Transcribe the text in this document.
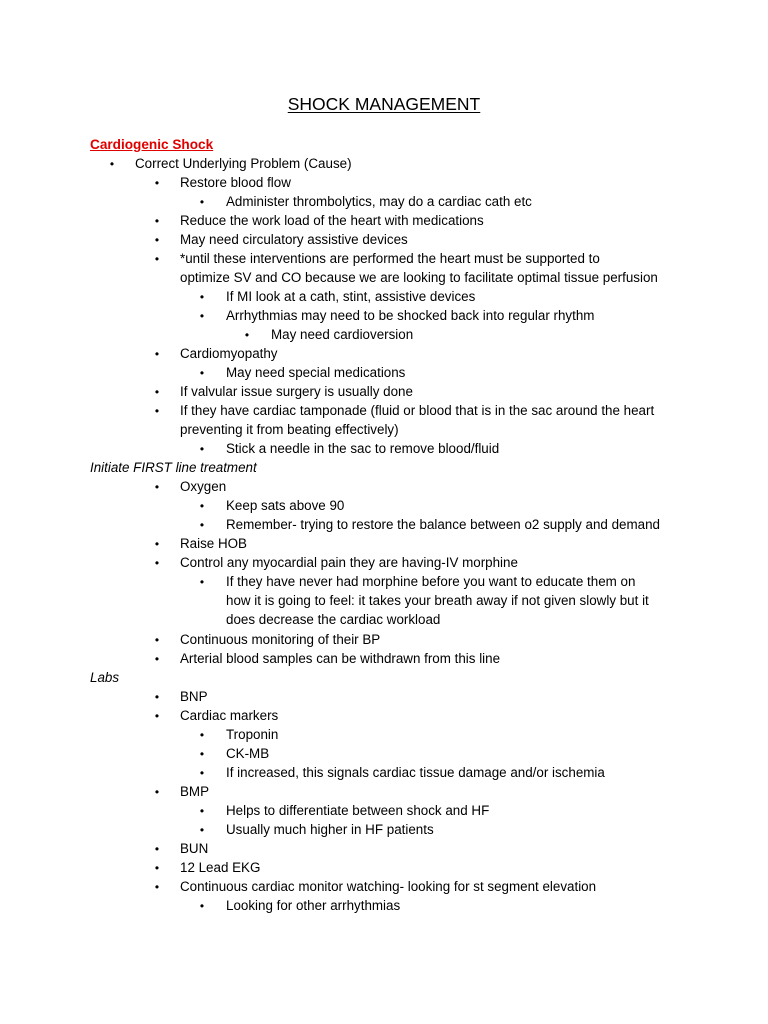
SHOCK MANAGEMENT
Cardiogenic Shock
• Correct Underlying Problem (Cause)
• Restore blood flow
• Administer thrombolytics, may do a cardiac cath etc
• Reduce the work load of the heart with medications
• May need circulatory assistive devices
• *until these interventions are performed the heart must be supported to
optimize SV and CO because we are looking to facilitate optimal tissue perfusion
• If MI look at a cath, stint, assistive devices
• Arrhythmias may need to be shocked back into regular rhythm
• May need cardioversion
• Cardiomyopathy
• May need special medications
• If valvular issue surgery is usually done
• If they have cardiac tamponade (fluid or blood that is in the sac around the heart
preventing it from beating effectively)
• Stick a needle in the sac to remove blood/fluid
Initiate FIRST line treatment
• Oxygen
• Keep sats above 90
• Remember- trying to restore the balance between o2 supply and demand
• Raise HOB
• Control any myocardial pain they are having-IV morphine
• If they have never had morphine before you want to educate them on
how it is going to feel: it takes your breath away if not given slowly but it
does decrease the cardiac workload
• Continuous monitoring of their BP
• Arterial blood samples can be withdrawn from this line
Labs
• BNP
• Cardiac markers
• Troponin
• CK-MB
• If increased, this signals cardiac tissue damage and/or ischemia
• BMP
• Helps to differentiate between shock and HF
• Usually much higher in HF patients
• BUN
• 12 Lead EKG
• Continuous cardiac monitor watching- looking for st segment elevation
• Looking for other arrhythmias
